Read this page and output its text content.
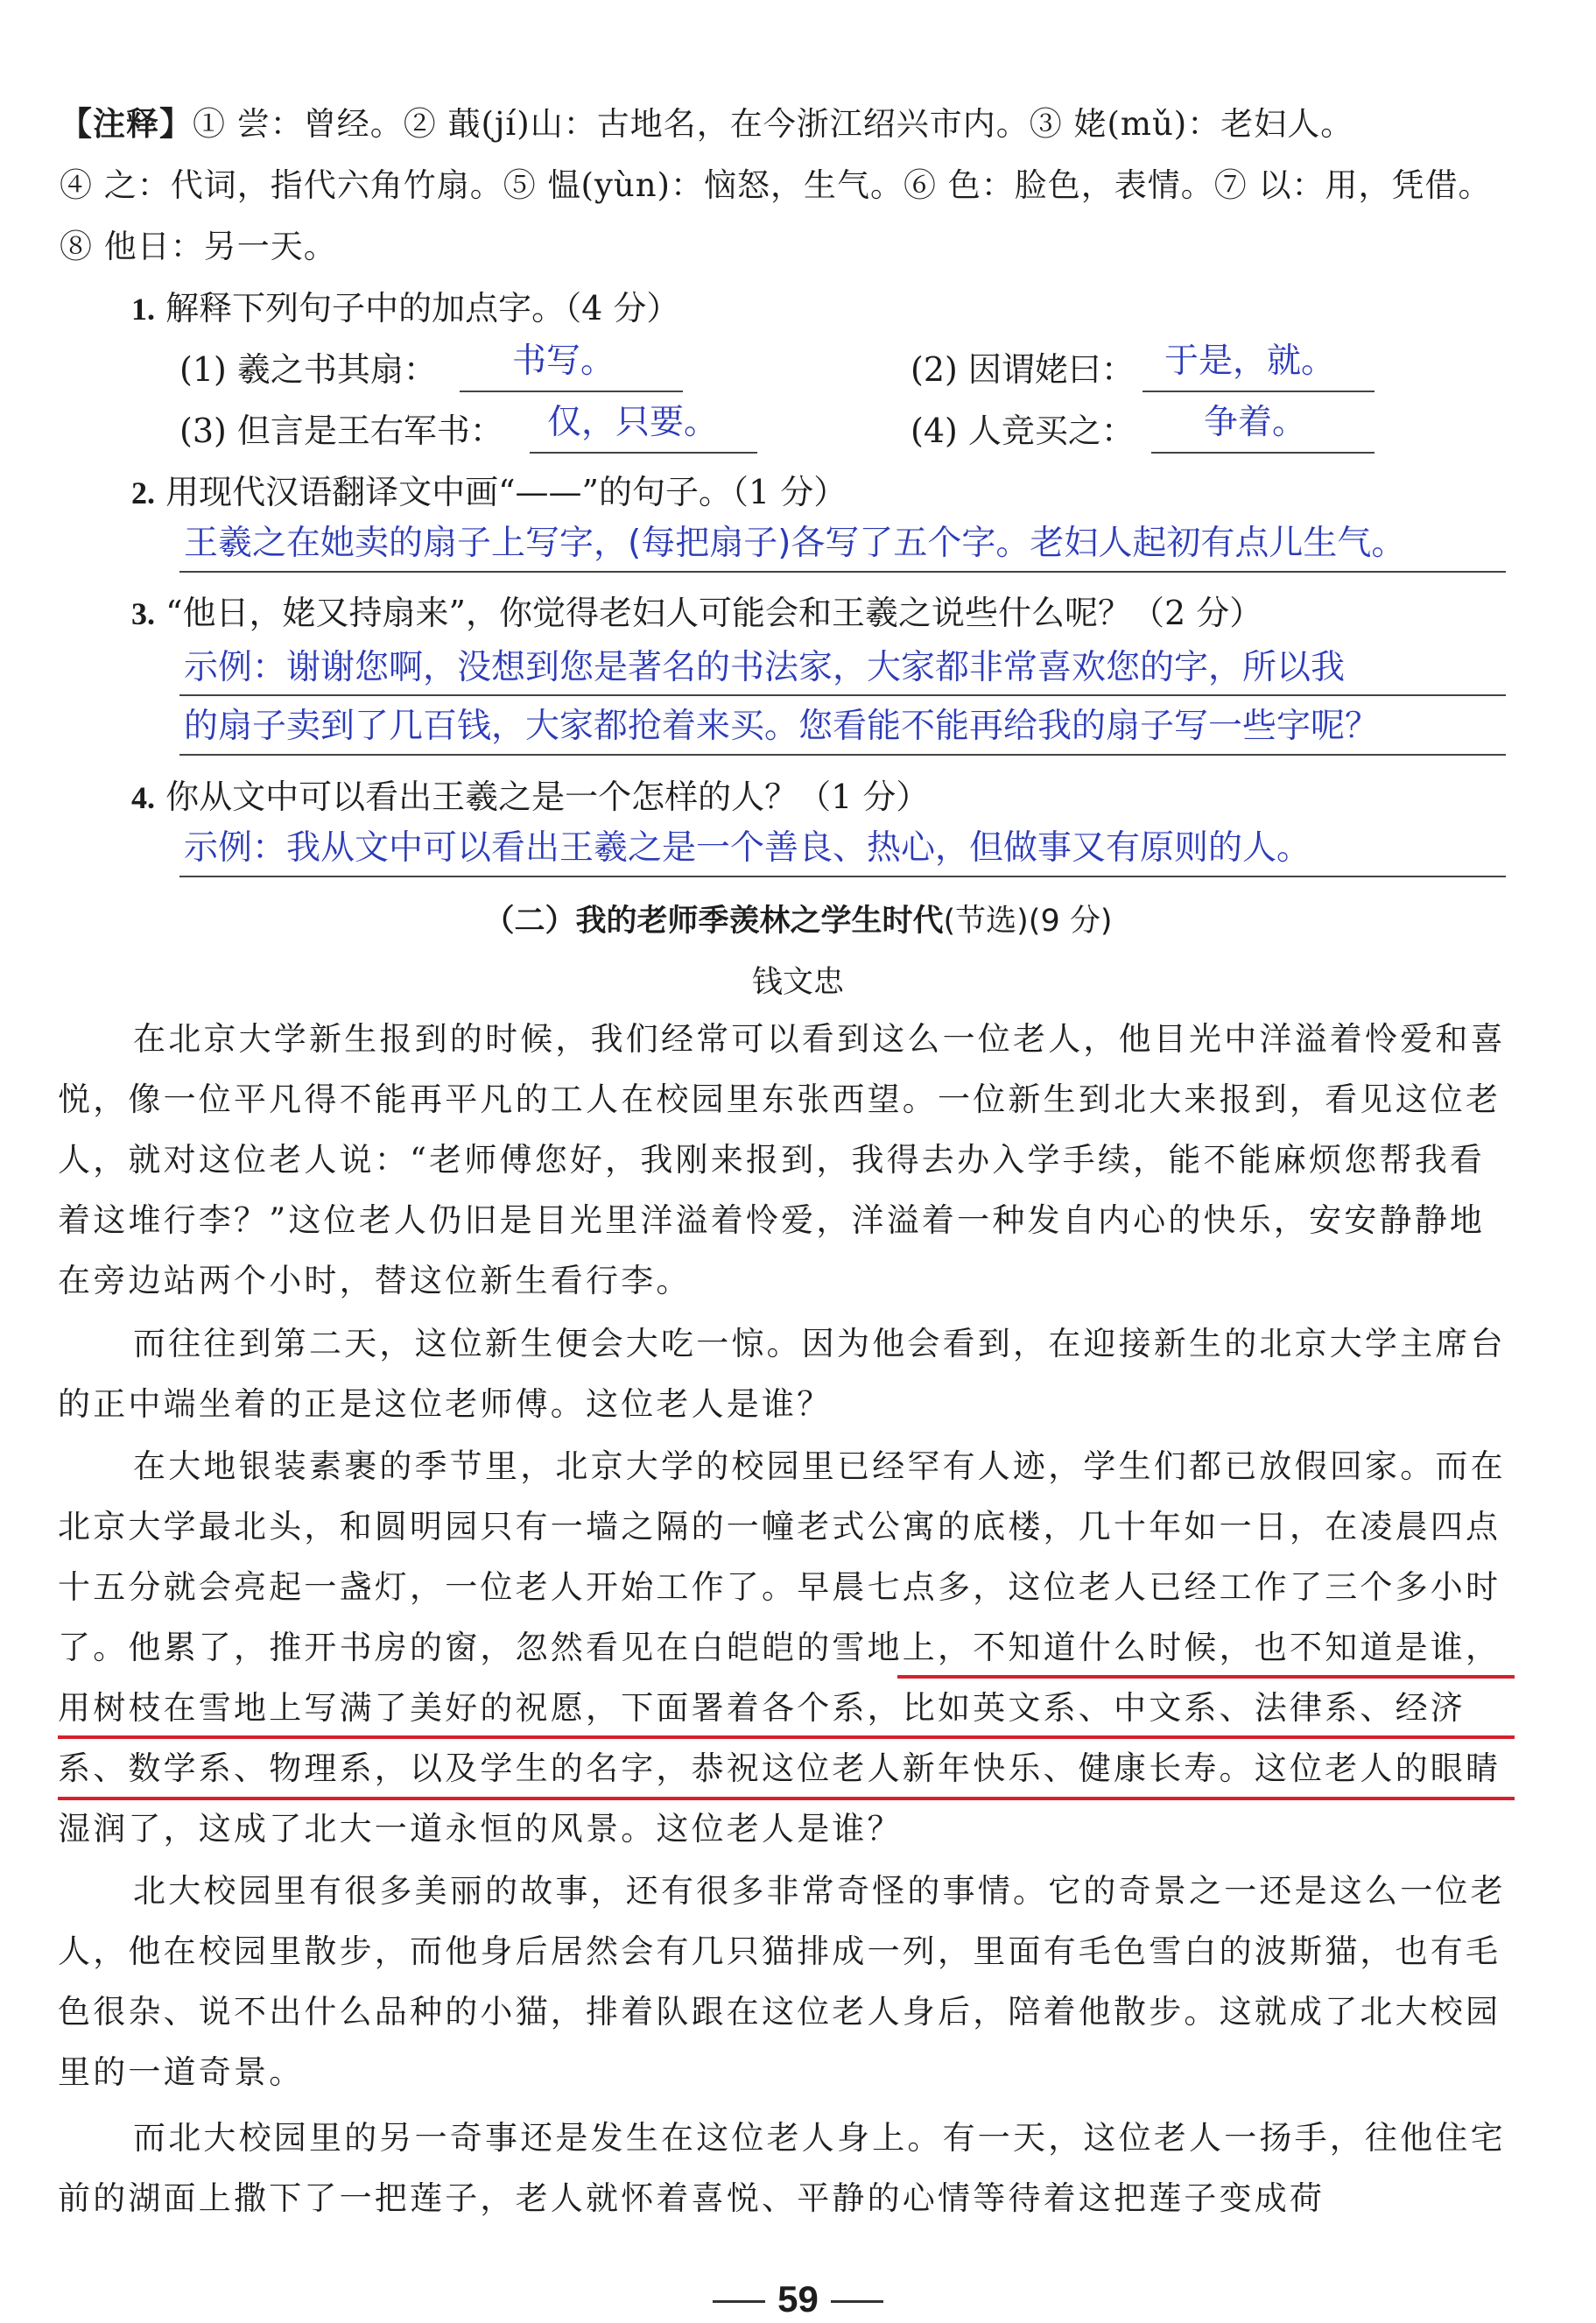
【注释】① 尝：曾经。② 蕺(jí)山：古地名，在今浙江绍兴市内。③ 姥(mǔ)：老妇人。
④ 之：代词，指代六角竹扇。⑤ 愠(yùn)：恼怒，生气。⑥ 色：脸色，表情。⑦ 以：用，凭借。
⑧ 他日：另一天。
1. 解释下列句子中的加点字。（4 分）
(1) 羲之书其扇： 书写。	(2) 因谓姥曰： 于是，就。
(3) 但言是王右军书： 仅，只要。	(4) 人竞买之： 争着。
2. 用现代汉语翻译文中画“——”的句子。（1 分）
王羲之在她卖的扇子上写字，(每把扇子)各写了五个字。老妇人起初有点儿生气。
3. “他日，姥又持扇来”，你觉得老妇人可能会和王羲之说些什么呢？（2 分）
示例：谢谢您啊，没想到您是著名的书法家，大家都非常喜欢您的字，所以我
的扇子卖到了几百钱，大家都抢着来买。您看能不能再给我的扇子写一些字呢？
4. 你从文中可以看出王羲之是一个怎样的人？（1 分）
示例：我从文中可以看出王羲之是一个善良、热心，但做事又有原则的人。
（二）我的老师季羡林之学生时代(节选)(9 分)
钱文忠
在北京大学新生报到的时候，我们经常可以看到这么一位老人，他目光中洋溢着怜爱和喜悦，像一位平凡得不能再平凡的工人在校园里东张西望。一位新生到北大来报到，看见这位老人，就对这位老人说：“老师傅您好，我刚来报到，我得去办入学手续，能不能麻烦您帮我看着这堆行李？”这位老人仍旧是目光里洋溢着怜爱，洋溢着一种发自内心的快乐，安安静静地在旁边站两个小时，替这位新生看行李。
而往往到第二天，这位新生便会大吃一惊。因为他会看到，在迎接新生的北京大学主席台的正中端坐着的正是这位老师傅。这位老人是谁？
在大地银装素裹的季节里，北京大学的校园里已经罕有人迹，学生们都已放假回家。而在北京大学最北头，和圆明园只有一墙之隔的一幢老式公寓的底楼，几十年如一日，在凌晨四点十五分就会亮起一盏灯，一位老人开始工作了。早晨七点多，这位老人已经工作了三个多小时了。他累了，推开书房的窗，忽然看见在白皑皑的雪地上，不知道什么时候，也不知道是谁，用树枝在雪地上写满了美好的祝愿，下面署着各个系，比如英文系、中文系、法律系、经济系、数学系、物理系，以及学生的名字，恭祝这位老人新年快乐、健康长寿。这位老人的眼睛湿润了，这成了北大一道永恒的风景。这位老人是谁？
北大校园里有很多美丽的故事，还有很多非常奇怪的事情。它的奇景之一还是这么一位老人，他在校园里散步，而他身后居然会有几只猫排成一列，里面有毛色雪白的波斯猫，也有毛色很杂、说不出什么品种的小猫，排着队跟在这位老人身后，陪着他散步。这就成了北大校园里的一道奇景。
而北大校园里的另一奇事还是发生在这位老人身上。有一天，这位老人一扬手，往他住宅前的湖面上撒下了一把莲子，老人就怀着喜悦、平静的心情等待着这把莲子变成荷
59
